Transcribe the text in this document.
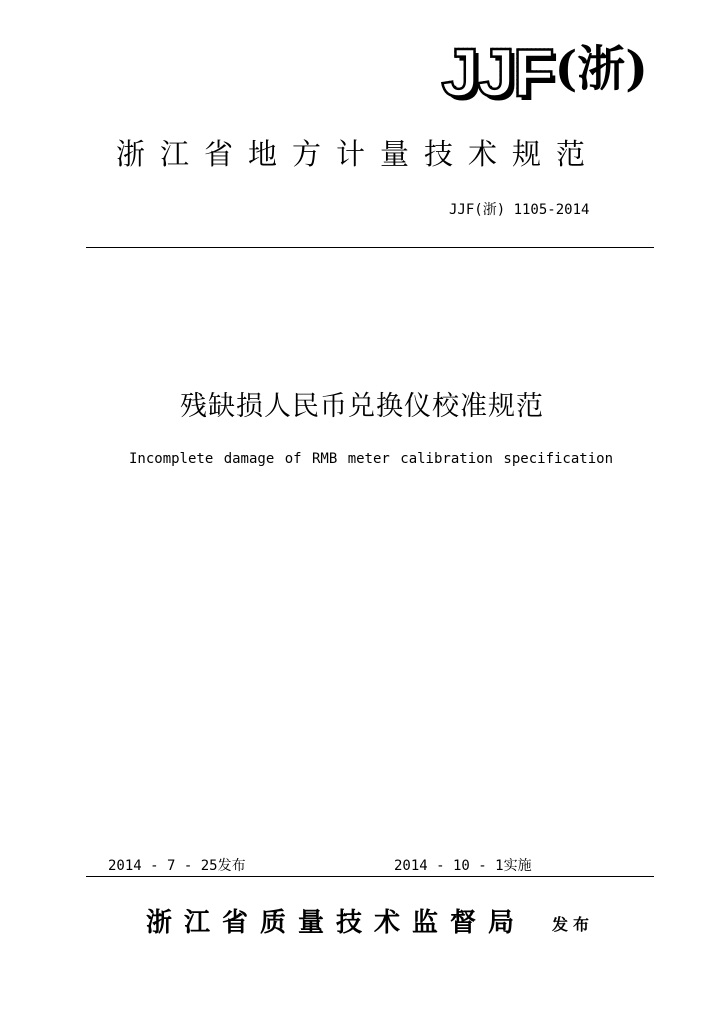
JJF (浙)
浙江省地方计量技术规范
JJF(浙) 1105-2014
残缺损人民币兑换仪校准规范
Incomplete damage of RMB meter calibration specification
2014 - 7 - 25发布	2014 - 10 - 1实施
浙江省质量技术监督局 发布
